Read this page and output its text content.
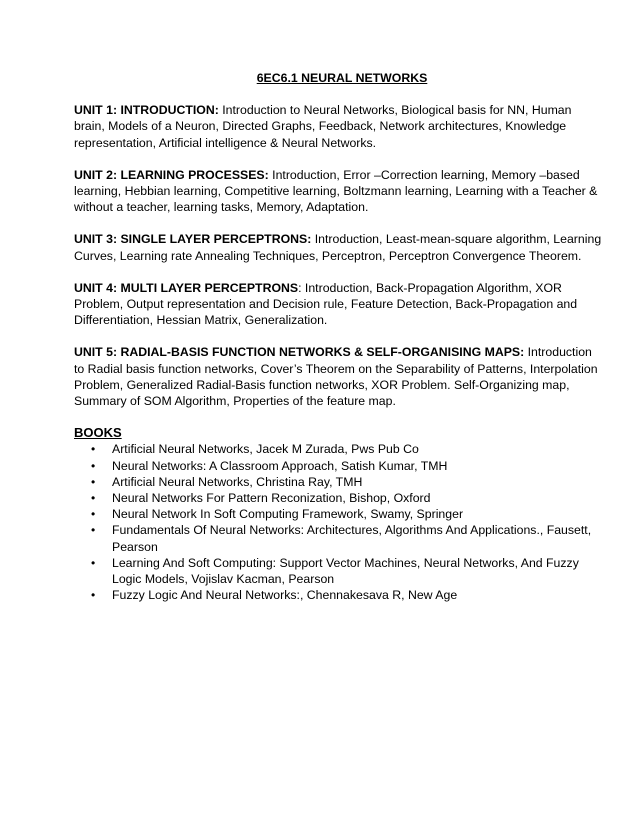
6EC6.1 NEURAL NETWORKS

UNIT 1: INTRODUCTION: Introduction to Neural Networks, Biological basis for NN, Human brain, Models of a Neuron, Directed Graphs, Feedback, Network architectures, Knowledge representation, Artificial intelligence & Neural Networks.

UNIT 2: LEARNING PROCESSES: Introduction, Error –Correction learning, Memory –based learning, Hebbian learning, Competitive learning, Boltzmann learning, Learning with a Teacher & without a teacher, learning tasks, Memory, Adaptation.

UNIT 3: SINGLE LAYER PERCEPTRONS: Introduction, Least-mean-square algorithm, Learning Curves, Learning rate Annealing Techniques, Perceptron, Perceptron Convergence Theorem.

UNIT 4: MULTI LAYER PERCEPTRONS: Introduction, Back-Propagation Algorithm, XOR Problem, Output representation and Decision rule, Feature Detection, Back-Propagation and Differentiation, Hessian Matrix, Generalization.

UNIT 5: RADIAL-BASIS FUNCTION NETWORKS & SELF-ORGANISING MAPS: Introduction to Radial basis function networks, Cover’s Theorem on the Separability of Patterns, Interpolation Problem, Generalized Radial-Basis function networks, XOR Problem. Self-Organizing map, Summary of SOM Algorithm, Properties of the feature map.

BOOKS

• Artificial Neural Networks, Jacek M Zurada, Pws Pub Co
• Neural Networks: A Classroom Approach, Satish Kumar, TMH
• Artificial Neural Networks, Christina Ray, TMH
• Neural Networks For Pattern Reconization, Bishop, Oxford
• Neural Network In Soft Computing Framework, Swamy, Springer
• Fundamentals Of Neural Networks: Architectures, Algorithms And Applications., Fausett, Pearson
• Learning And Soft Computing: Support Vector Machines, Neural Networks, And Fuzzy Logic Models, Vojislav Kacman, Pearson
• Fuzzy Logic And Neural Networks:, Chennakesava R, New Age
